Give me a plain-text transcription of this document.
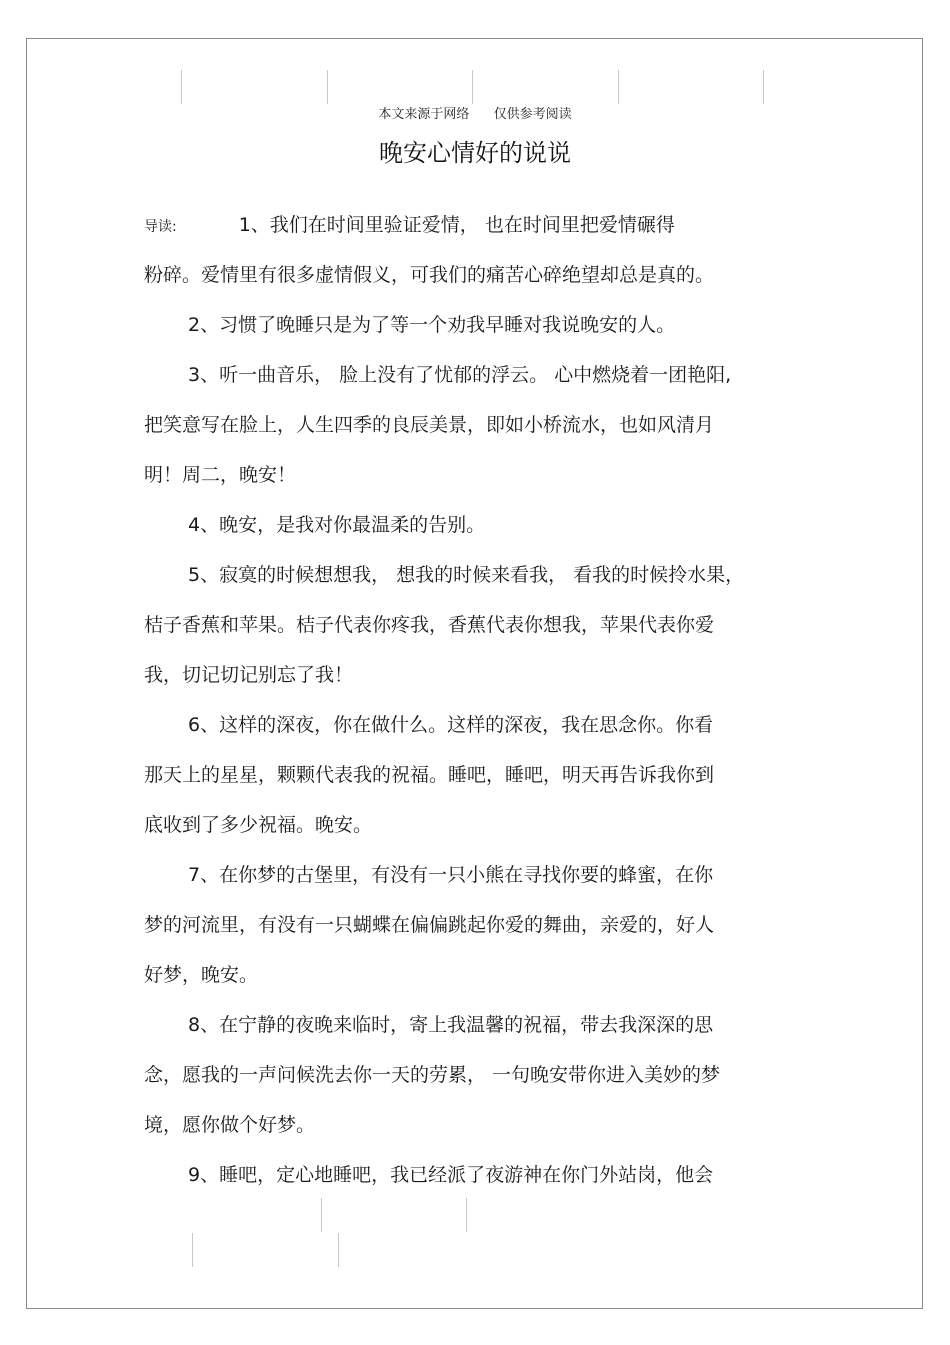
本文来源于网络 仅供参考阅读
晚安心情好的说说
导读:	1、我们在时间里验证爱情， 也在时间里把爱情碾得
粉碎。爱情里有很多虚情假义，可我们的痛苦心碎绝望却总是真的。
2、习惯了晚睡只是为了等一个劝我早睡对我说晚安的人。
3、听一曲音乐， 脸上没有了忧郁的浮云。 心中燃烧着一团艳阳,
把笑意写在脸上，人生四季的良辰美景，即如小桥流水，也如风清月
明！周二，晚安！
4、晚安，是我对你最温柔的告别。
5、寂寞的时候想想我， 想我的时候来看我， 看我的时候拎水果，
桔子香蕉和苹果。桔子代表你疼我，香蕉代表你想我，苹果代表你爱
我，切记切记别忘了我！
6、这样的深夜，你在做什么。这样的深夜，我在思念你。你看
那天上的星星，颗颗代表我的祝福。睡吧，睡吧，明天再告诉我你到
底收到了多少祝福。晚安。
7、在你梦的古堡里，有没有一只小熊在寻找你要的蜂蜜，在你
梦的河流里，有没有一只蝴蝶在偏偏跳起你爱的舞曲，亲爱的，好人
好梦，晚安。
8、在宁静的夜晚来临时，寄上我温馨的祝福，带去我深深的思
念，愿我的一声问候洗去你一天的劳累， 一句晚安带你进入美妙的梦
境，愿你做个好梦。
9、睡吧，定心地睡吧，我已经派了夜游神在你门外站岗，他会
